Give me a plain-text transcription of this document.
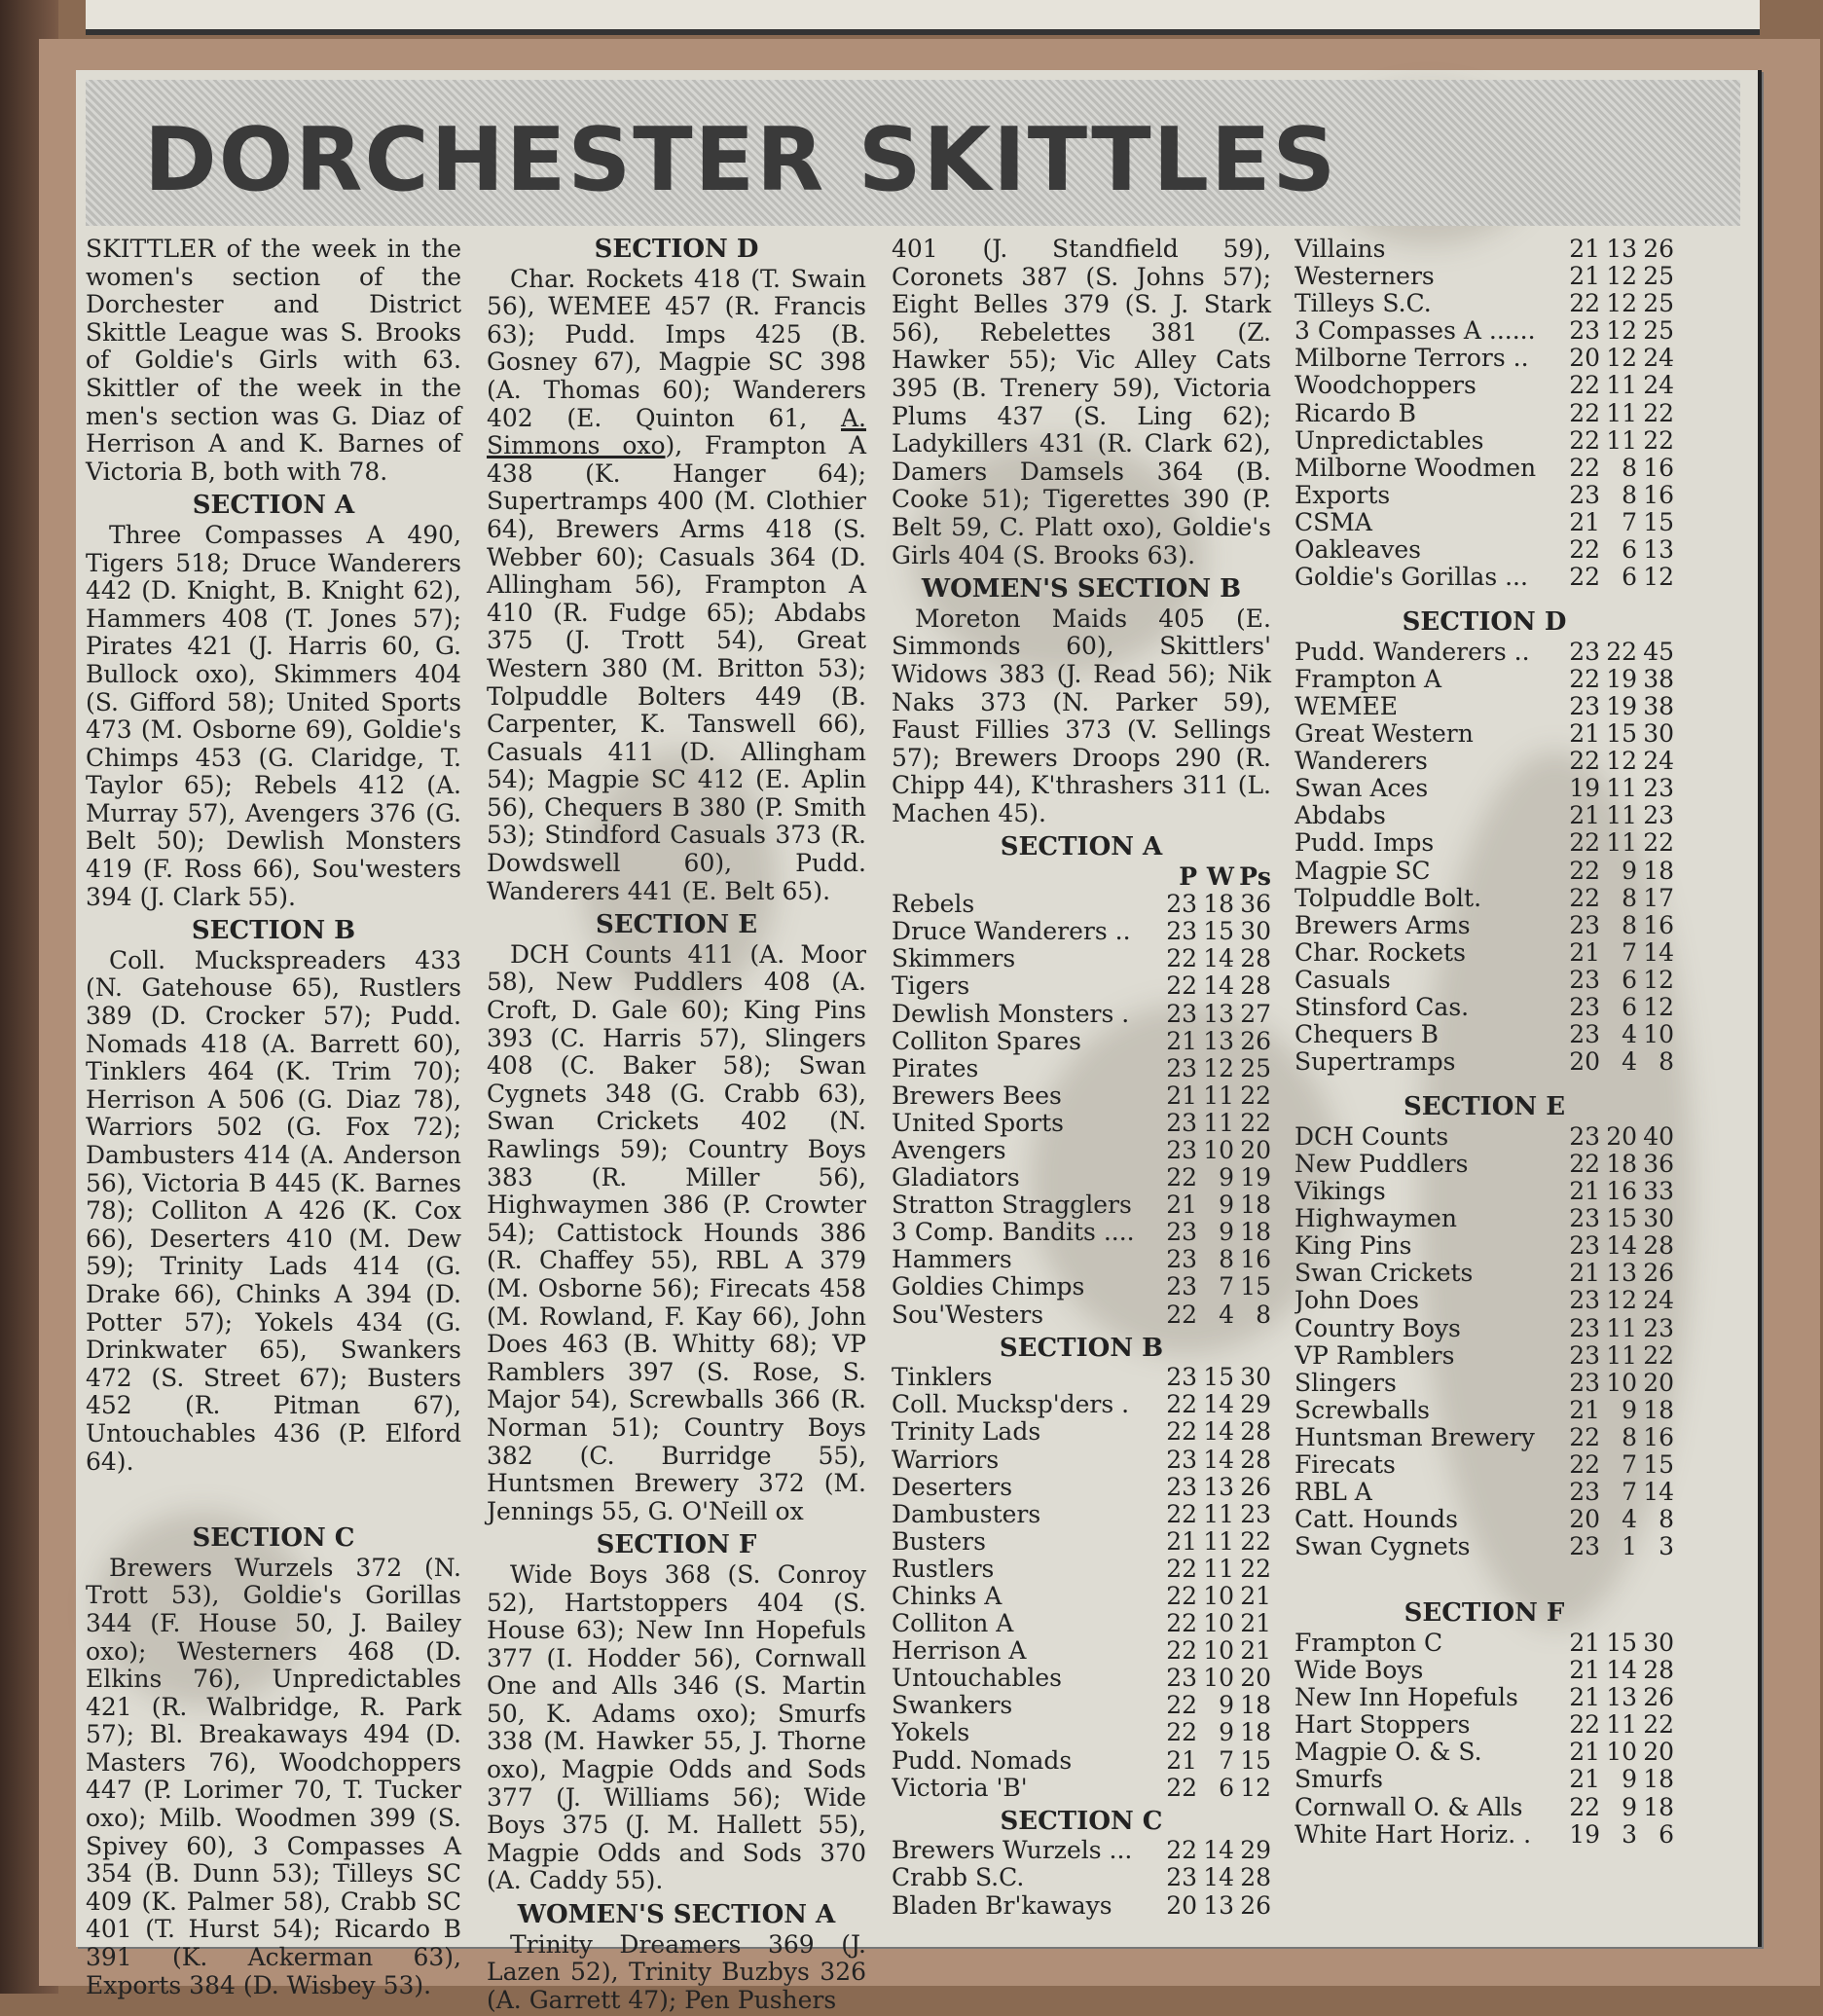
DORCHESTER SKITTLES

SKITTLER of the week in the women's section of the Dorchester and District Skittle League was S. Brooks of Goldie's Girls with 63. Skittler of the week in the men's section was G. Diaz of Herrison A and K. Barnes of Victoria B, both with 78.

SECTION A

Three Compasses A 490, Tigers 518; Druce Wanderers 442 (D. Knight, B. Knight 62), Hammers 408 (T. Jones 57); Pirates 421 (J. Harris 60, G. Bullock oxo), Skimmers 404 (S. Gifford 58); United Sports 473 (M. Osborne 69), Goldie's Chimps 453 (G. Claridge, T. Taylor 65); Rebels 412 (A. Murray 57), Avengers 376 (G. Belt 50); Dewlish Monsters 419 (F. Ross 66), Sou'westers 394 (J. Clark 55).

SECTION B

Coll. Muckspreaders 433 (N. Gatehouse 65), Rustlers 389 (D. Crocker 57); Pudd. Nomads 418 (A. Barrett 60), Tinklers 464 (K. Trim 70); Herrison A 506 (G. Diaz 78), Warriors 502 (G. Fox 72); Dambusters 414 (A. Anderson 56), Victoria B 445 (K. Barnes 78); Colliton A 426 (K. Cox 66), Deserters 410 (M. Dew 59); Trinity Lads 414 (G. Drake 66), Chinks A 394 (D. Potter 57); Yokels 434 (G. Drinkwater 65), Swankers 472 (S. Street 67); Busters 452 (R. Pitman 67), Untouchables 436 (P. Elford 64).

SECTION C

Brewers Wurzels 372 (N. Trott 53), Goldie's Gorillas 344 (F. House 50, J. Bailey oxo); Westerners 468 (D. Elkins 76), Unpredictables 421 (R. Walbridge, R. Park 57); Bl. Breakaways 494 (D. Masters 76), Woodchoppers 447 (P. Lorimer 70, T. Tucker oxo); Milb. Woodmen 399 (S. Spivey 60), 3 Compasses A 354 (B. Dunn 53); Tilleys SC 409 (K. Palmer 58), Crabb SC 401 (T. Hurst 54); Ricardo B 391 (K. Ackerman 63), Exports 384 (D. Wisbey 53).

SECTION D

Char. Rockets 418 (T. Swain 56), WEMEE 457 (R. Francis 63); Pudd. Imps 425 (B. Gosney 67), Magpie SC 398 (A. Thomas 60); Wanderers 402 (E. Quinton 61, A. Simmons oxo), Frampton A 438 (K. Hanger 64); Supertramps 400 (M. Clothier 64), Brewers Arms 418 (S. Webber 60); Casuals 364 (D. Allingham 56), Frampton A 410 (R. Fudge 65); Abdabs 375 (J. Trott 54), Great Western 380 (M. Britton 53); Tolpuddle Bolters 449 (B. Carpenter, K. Tanswell 66), Casuals 411 (D. Allingham 54); Magpie SC 412 (E. Aplin 56), Chequers B 380 (P. Smith 53); Stindford Casuals 373 (R. Dowdswell 60), Pudd. Wanderers 441 (E. Belt 65).

SECTION E

DCH Counts 411 (A. Moor 58), New Puddlers 408 (A. Croft, D. Gale 60); King Pins 393 (C. Harris 57), Slingers 408 (C. Baker 58); Swan Cygnets 348 (G. Crabb 63), Swan Crickets 402 (N. Rawlings 59); Country Boys 383 (R. Miller 56), Highwaymen 386 (P. Crowter 54); Cattistock Hounds 386 (R. Chaffey 55), RBL A 379 (M. Osborne 56); Firecats 458 (M. Rowland, F. Kay 66), John Does 463 (B. Whitty 68); VP Ramblers 397 (S. Rose, S. Major 54), Screwballs 366 (R. Norman 51); Country Boys 382 (C. Burridge 55), Huntsmen Brewery 372 (M. Jennings 55, G. O'Neill ox

SECTION F

Wide Boys 368 (S. Conroy 52), Hartstoppers 404 (S. House 63); New Inn Hopefuls 377 (I. Hodder 56), Cornwall One and Alls 346 (S. Martin 50, K. Adams oxo); Smurfs 338 (M. Hawker 55, J. Thorne oxo), Magpie Odds and Sods 377 (J. Williams 56); Wide Boys 375 (J. M. Hallett 55), Magpie Odds and Sods 370 (A. Caddy 55).

WOMEN'S SECTION A

Trinity Dreamers 369 (J. Lazen 52), Trinity Buzbys 326 (A. Garrett 47); Pen Pushers

401 (J. Standfield 59), Coronets 387 (S. Johns 57); Eight Belles 379 (S. J. Stark 56), Rebelettes 381 (Z. Hawker 55); Vic Alley Cats 395 (B. Trenery 59), Victoria Plums 437 (S. Ling 62); Ladykillers 431 (R. Clark 62), Damers Damsels 364 (B. Cooke 51); Tigerettes 390 (P. Belt 59, C. Platt oxo), Goldie's Girls 404 (S. Brooks 63).

WOMEN'S SECTION B

Moreton Maids 405 (E. Simmonds 60), Skittlers' Widows 383 (J. Read 56); Nik Naks 373 (N. Parker 59), Faust Fillies 373 (V. Sellings 57); Brewers Droops 290 (R. Chipp 44), K'thrashers 311 (L. Machen 45).

SECTION A
	P	W	Ps
Rebels	23	18	36
Druce Wanderers ..	23	15	30
Skimmers	22	14	28
Tigers	22	14	28
Dewlish Monsters .	23	13	27
Colliton Spares	21	13	26
Pirates	23	12	25
Brewers Bees	21	11	22
United Sports	23	11	22
Avengers	23	10	20
Gladiators	22	9	19
Stratton Stragglers	21	9	18
3 Comp. Bandits ....	23	9	18
Hammers	23	8	16
Goldies Chimps	23	7	15
Sou'Westers	22	4	8
SECTION B
Tinklers	23	15	30
Coll. Mucksp'ders .	22	14	29
Trinity Lads	22	14	28
Warriors	23	14	28
Deserters	23	13	26
Dambusters	22	11	23
Busters	21	11	22
Rustlers	22	11	22
Chinks A	22	10	21
Colliton A	22	10	21
Herrison A	22	10	21
Untouchables	23	10	20
Swankers	22	9	18
Yokels	22	9	18
Pudd. Nomads	21	7	15
Victoria 'B'	22	6	12
SECTION C
Brewers Wurzels ...	22	14	29
Crabb S.C.	23	14	28
Bladen Br'kaways	20	13	26
Villains	21	13	26
Westerners	21	12	25
Tilleys S.C.	22	12	25
3 Compasses A ......	23	12	25
Milborne Terrors ..	20	12	24
Woodchoppers	22	11	24
Ricardo B	22	11	22
Unpredictables	22	11	22
Milborne Woodmen	22	8	16
Exports	23	8	16
CSMA	21	7	15
Oakleaves	22	6	13
Goldie's Gorillas ...	22	6	12
SECTION D
Pudd. Wanderers ..	23	22	45
Frampton A	22	19	38
WEMEE	23	19	38
Great Western	21	15	30
Wanderers	22	12	24
Swan Aces	19	11	23
Abdabs	21	11	23
Pudd. Imps	22	11	22
Magpie SC	22	9	18
Tolpuddle Bolt.	22	8	17
Brewers Arms	23	8	16
Char. Rockets	21	7	14
Casuals	23	6	12
Stinsford Cas.	23	6	12
Chequers B	23	4	10
Supertramps	20	4	8
SECTION E
DCH Counts	23	20	40
New Puddlers	22	18	36
Vikings	21	16	33
Highwaymen	23	15	30
King Pins	23	14	28
Swan Crickets	21	13	26
John Does	23	12	24
Country Boys	23	11	23
VP Ramblers	23	11	22
Slingers	23	10	20
Screwballs	21	9	18
Huntsman Brewery	22	8	16
Firecats	22	7	15
RBL A	23	7	14
Catt. Hounds	20	4	8
Swan Cygnets	23	1	3
SECTION F
Frampton C	21	15	30
Wide Boys	21	14	28
New Inn Hopefuls	21	13	26
Hart Stoppers	22	11	22
Magpie O. & S.	21	10	20
Smurfs	21	9	18
Cornwall O. & Alls	22	9	18
White Hart Horiz. .	19	3	6
